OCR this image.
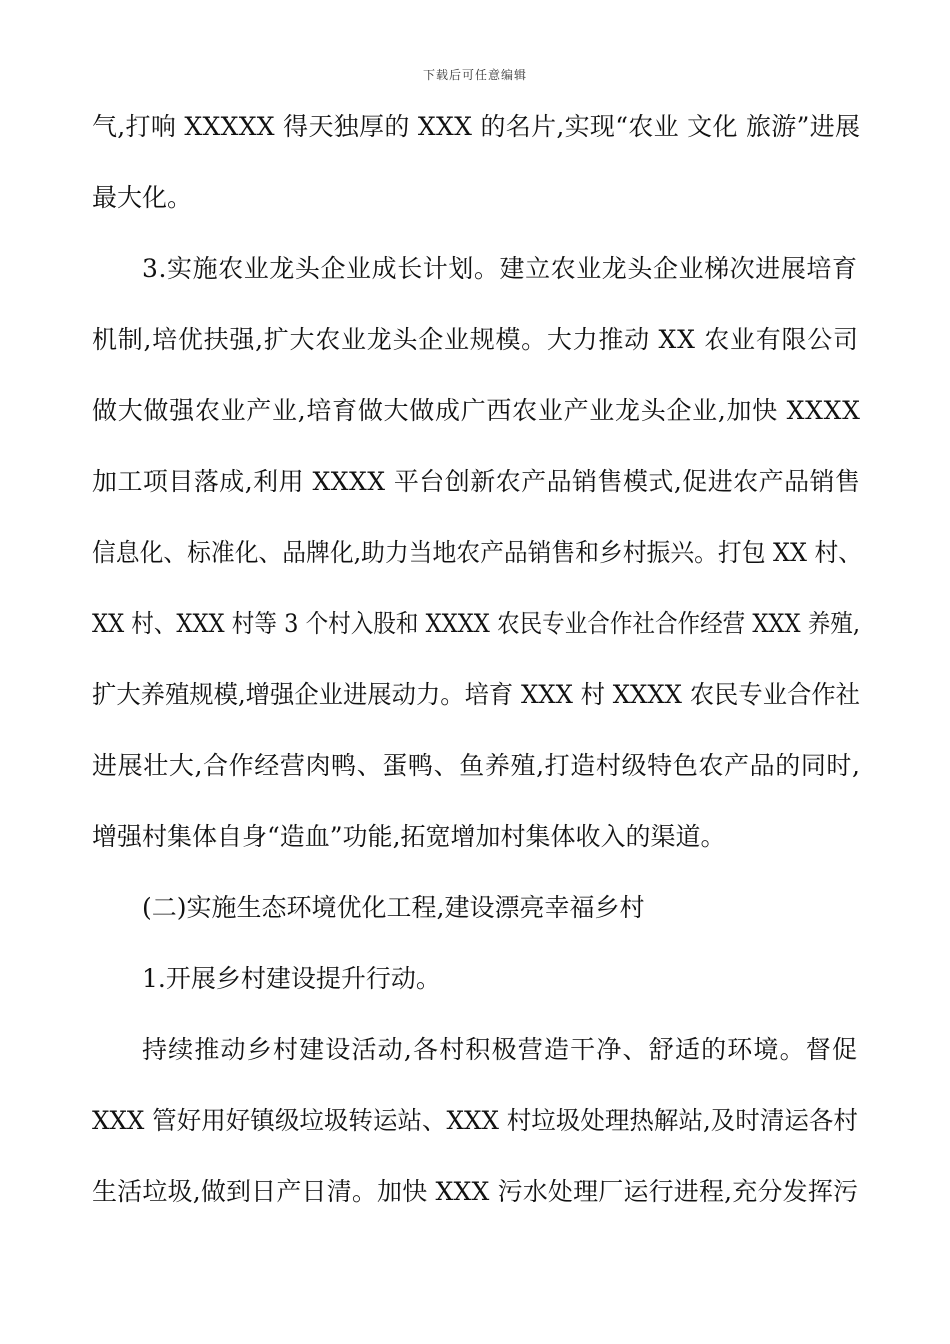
下载后可任意编辑
气,打响 XXXXX 得天独厚的 XXX 的名片,实现“农业 文化 旅游”进展
最大化。
3.实施农业龙头企业成长计划。建立农业龙头企业梯次进展培育
机制,培优扶强,扩大农业龙头企业规模。大力推动 XX 农业有限公司
做大做强农业产业,培育做大做成广西农业产业龙头企业,加快 XXXX
加工项目落成,利用 XXXX 平台创新农产品销售模式,促进农产品销售
信息化、标准化、品牌化,助力当地农产品销售和乡村振兴。打包 XX 村、
XX 村、XXX 村等 3 个村入股和 XXXX 农民专业合作社合作经营 XXX 养殖,
扩大养殖规模,增强企业进展动力。培育 XXX 村 XXXX 农民专业合作社
进展壮大,合作经营肉鸭、蛋鸭、鱼养殖,打造村级特色农产品的同时,
增强村集体自身“造血”功能,拓宽增加村集体收入的渠道。
(二)实施生态环境优化工程,建设漂亮幸福乡村
1.开展乡村建设提升行动。
持续推动乡村建设活动,各村积极营造干净、舒适的环境。督促
XXX 管好用好镇级垃圾转运站、XXX 村垃圾处理热解站,及时清运各村
生活垃圾,做到日产日清。加快 XXX 污水处理厂运行进程,充分发挥污
